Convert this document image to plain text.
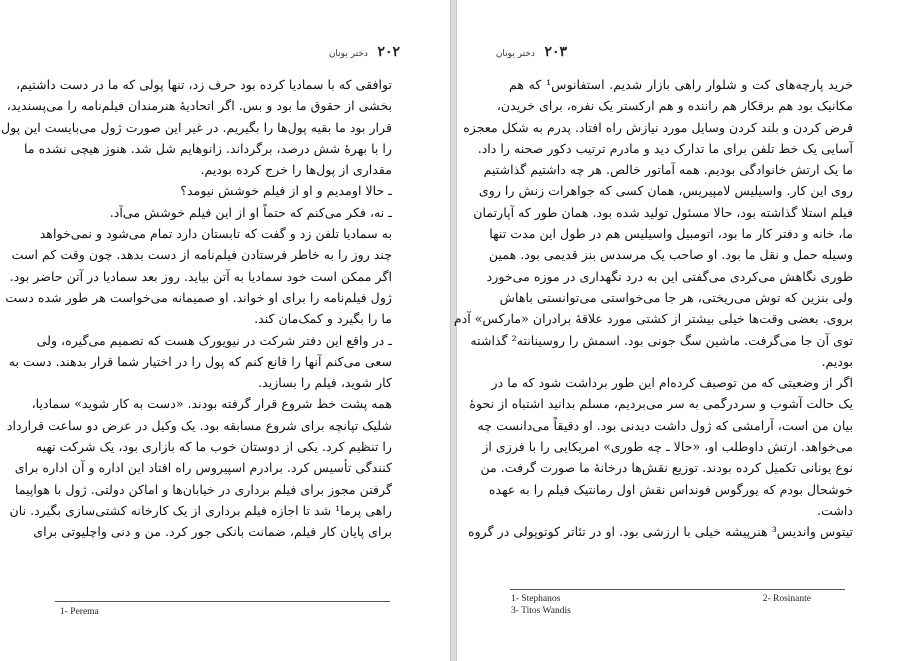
۲۰۲ دختر یونان
توافقی که با سمادیا کرده بود حرف زد، تنها پولی که ما در دست داشتیم،
بخشی از حقوق ما بود و بس. اگر اتحادیهٔ هنرمندان فیلم‌نامه را می‌پسندید،
قرار بود ما بقیه پول‌ها را بگیریم. در غیر این صورت ژول می‌بایست این پول
را با بهرهٔ شش درصد، برگرداند. زانوهایم شل شد. هنوز هیچی نشده ما
مقداری از پول‌ها را خرج کرده بودیم.
ـ حالا اومدیم و او از فیلم خوشش نیومد؟
ـ نه، فکر می‌کنم که حتماً او از این فیلم خوشش می‌آد.
به سمادیا تلفن زد و گفت که تابستان دارد تمام می‌شود و نمی‌خواهد
چند روز را به خاطر فرستادن فیلم‌نامه از دست بدهد. چون وقت کم است
اگر ممکن است خود سمادیا به آتن بیاید. روز بعد سمادیا در آتن حاضر بود.
ژول فیلم‌نامه را برای او خواند. او صمیمانه می‌خواست هر طور شده دست
ما را بگیرد و کمک‌مان کند.
ـ در واقع این دفتر شرکت در نیویورک هست که تصمیم می‌گیره، ولی
سعی می‌کنم آنها را قانع کنم که پول را در اختیار شما قرار بدهند. دست به
کار شوید، فیلم را بسازید.
همه پشت خط شروع قرار گرفته بودند. «دست به کار شوید» سمادیا،
شلیک تپانچه برای شروع مسابقه بود. یک وکیل در عرض دو ساعت قرارداد
را تنظیم کرد. یکی از دوستان خوب ما که بازاری بود، یک شرکت تهیه
کنندگی تأسیس کرد. برادرم اسپیروس راه افتاد این اداره و آن اداره برای
گرفتن مجوز برای فیلم برداری در خیابان‌ها و اماکن دولتی. ژول با هواپیما
راهی پرما¹ شد تا اجازه فیلم برداری از یک کارخانه کشتی‌سازی بگیرد. نان
برای پایان کار فیلم، ضمانت بانکی جور کرد. من و دنی واچلیوتی برای
1- Perema
۲۰۳ دختر یونان
خرید پارچه‌های کت و شلوار راهی بازار شدیم. استفانوس¹ که هم
مکانیک بود هم برقکار هم راننده و هم ارکستر یک نفره، برای خریدن،
قرض کردن و بلند کردن وسایل مورد نیازش راه افتاد. پدرم به شکل معجزه
آسایی یک خط تلفن برای ما تدارک دید و مادرم ترتیب دکور صحنه را داد.
ما یک ارتش خانوادگی بودیم. همه آماتور خالص. هر چه داشتیم گذاشتیم
روی این کار. واسیلیس لامپیریس، همان کسی که جواهرات زنش را روی
فیلم استلا گذاشته بود، حالا مسئول تولید شده بود. همان طور که آپارتمان
ما، خانه و دفتر کار ما بود، اتومبیل واسیلیس هم در طول این مدت تنها
وسیله حمل و نقل ما بود. او صاحب یک مرسدس بنز قدیمی بود. همین
طوری نگاهش می‌کردی می‌گفتی این به درد نگهداری در موزه می‌خورد
ولی بنزین که توش می‌ریختی، هر جا می‌خواستی می‌توانستی باهاش
بروی. بعضی وقت‌ها خیلی بیشتر از کشتی مورد علاقهٔ برادران «مارکس» آدم
توی آن جا می‌گرفت. ماشین سگ جونی بود. اسمش را روسینانته² گذاشته
بودیم.
اگر از وضعیتی که من توصیف کرده‌ام این طور برداشت شود که ما در
یک حالت آشوب و سردرگمی به سر می‌بردیم، مسلم بدانید اشتباه از نحوهٔ
بیان من است، آرامشی که ژول داشت دیدنی بود. او دقیقاً می‌دانست چه
می‌خواهد. ارتش داوطلب او، «حالا ـ چه طوری» امریکایی را با فرزی از
نوع یونانی تکمیل کرده بودند. توزیع نقش‌ها درخانهٔ ما صورت گرفت. من
خوشحال بودم که یورگوس فونداس نقش اول رمانتیک فیلم را به عهده
داشت.
تیتوس واندیس³ هنرپیشه خیلی با ارزشی بود. او در تئاتر کوتوپولی در گروه
1- Stephanos	2- Rosinante
3- Titos Wandis
